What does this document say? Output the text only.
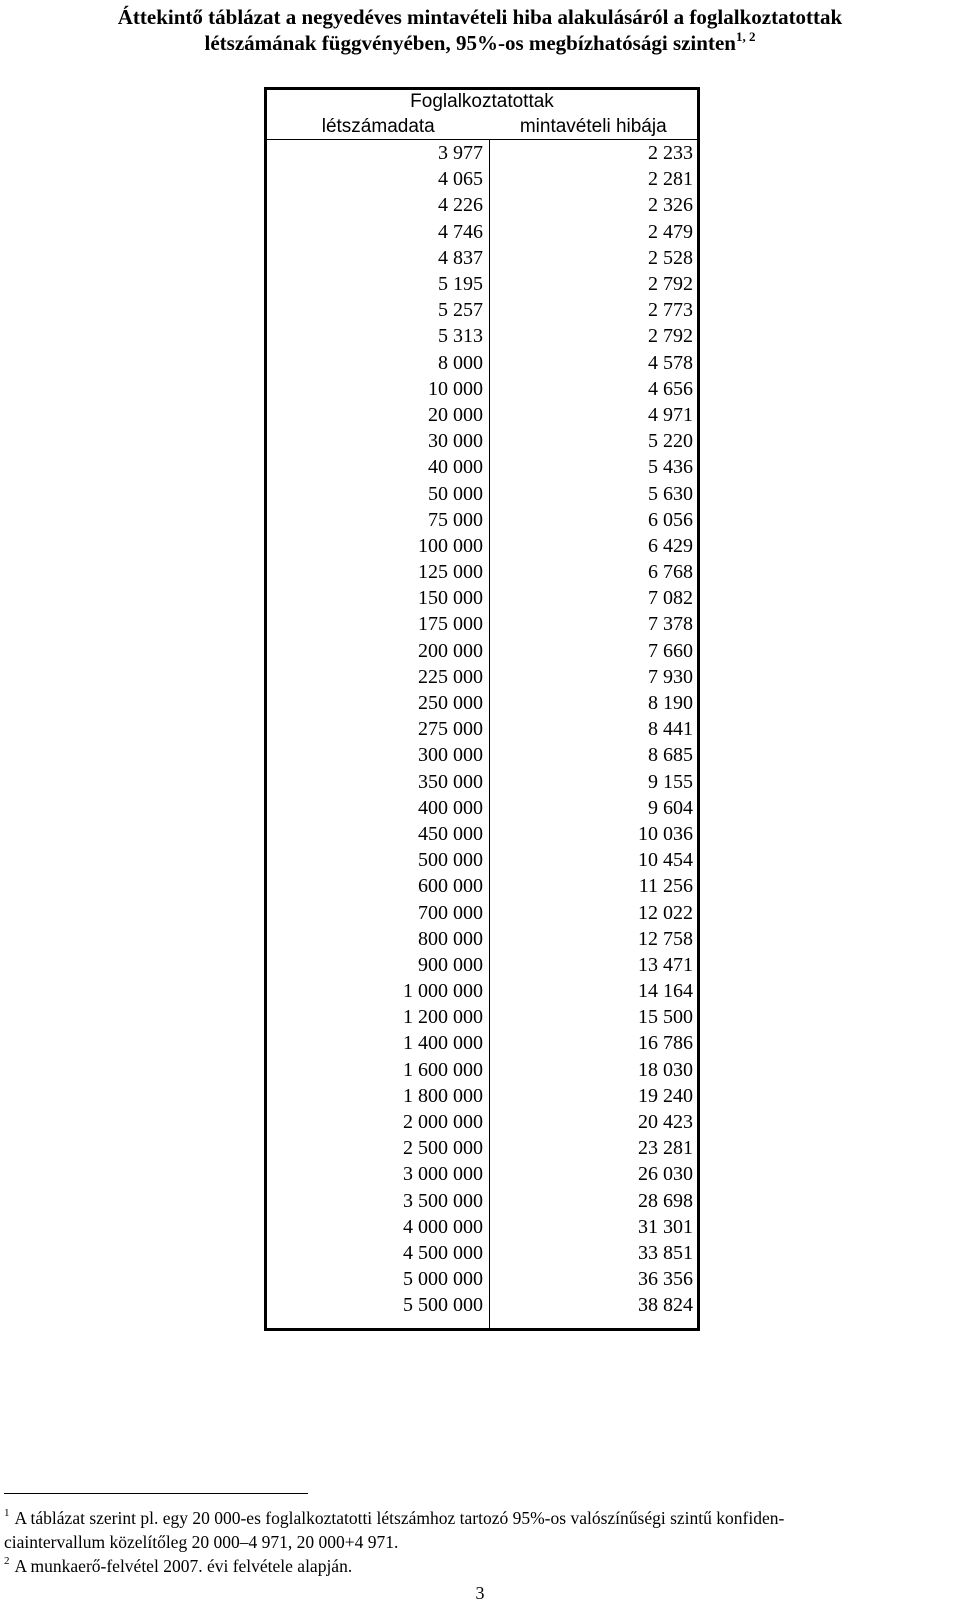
Áttekintő táblázat a negyedéves mintavételi hiba alakulásáról a foglalkoztatottak
létszámának függvényében, 95%-os megbízhatósági szinten$^{1, 2}$
Foglalkoztatottak	
létszámadata	mintavételi hibája
3 977	2 233
4 065	2 281
4 226	2 326
4 746	2 479
4 837	2 528
5 195	2 792
5 257	2 773
5 313	2 792
8 000	4 578
10 000	4 656
20 000	4 971
30 000	5 220
40 000	5 436
50 000	5 630
75 000	6 056
100 000	6 429
125 000	6 768
150 000	7 082
175 000	7 378
200 000	7 660
225 000	7 930
250 000	8 190
275 000	8 441
300 000	8 685
350 000	9 155
400 000	9 604
450 000	10 036
500 000	10 454
600 000	11 256
700 000	12 022
800 000	12 758
900 000	13 471
1 000 000	14 164
1 200 000	15 500
1 400 000	16 786
1 600 000	18 030
1 800 000	19 240
2 000 000	20 423
2 500 000	23 281
3 000 000	26 030
3 500 000	28 698
4 000 000	31 301
4 500 000	33 851
5 000 000	36 356
5 500 000	38 824

$^1$ A táblázat szerint pl. egy 20 000-es foglalkoztatotti létszámhoz tartozó 95%-os valószínűségi szintű konfiden-

ciaintervallum közelítőleg 20 000–4 971, 20 000+4 971.

$^2$ A munkaerő-felvétel 2007. évi felvétele alapján.

3
